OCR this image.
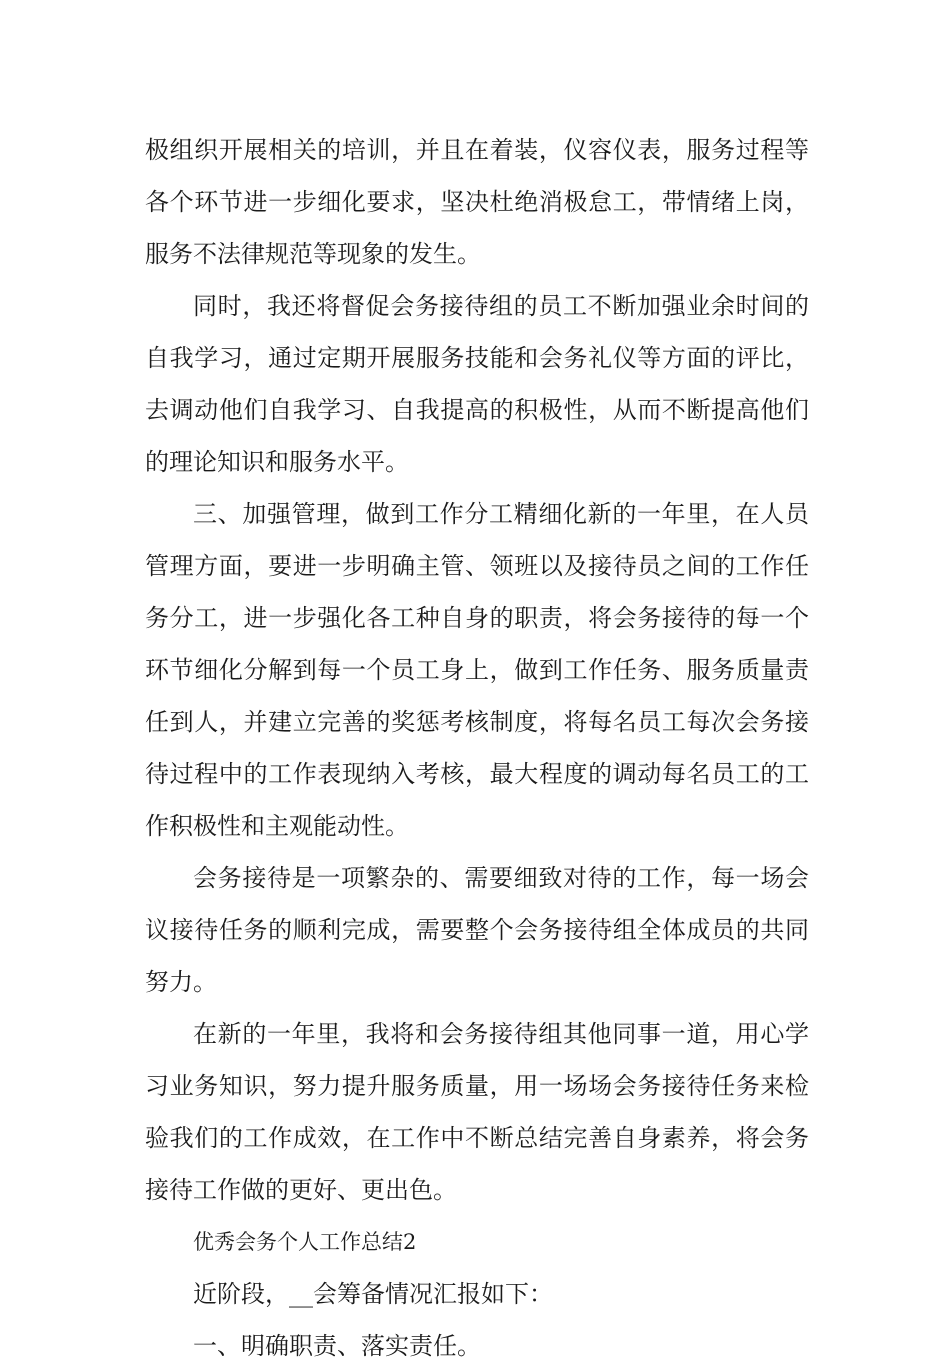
极组织开展相关的培训，并且在着装，仪容仪表，服务过程等各个环节进一步细化要求，坚决杜绝消极怠工，带情绪上岗，服务不法律规范等现象的发生。

同时，我还将督促会务接待组的员工不断加强业余时间的自我学习，通过定期开展服务技能和会务礼仪等方面的评比，去调动他们自我学习、自我提高的积极性，从而不断提高他们的理论知识和服务水平。

三、加强管理，做到工作分工精细化新的一年里，在人员管理方面，要进一步明确主管、领班以及接待员之间的工作任务分工，进一步强化各工种自身的职责，将会务接待的每一个环节细化分解到每一个员工身上，做到工作任务、服务质量责任到人，并建立完善的奖惩考核制度，将每名员工每次会务接待过程中的工作表现纳入考核，最大程度的调动每名员工的工作积极性和主观能动性。

会务接待是一项繁杂的、需要细致对待的工作，每一场会议接待任务的顺利完成，需要整个会务接待组全体成员的共同努力。

在新的一年里，我将和会务接待组其他同事一道，用心学习业务知识，努力提升服务质量，用一场场会务接待任务来检验我们的工作成效，在工作中不断总结完善自身素养，将会务接待工作做的更好、更出色。

优秀会务个人工作总结2

近阶段，__会筹备情况汇报如下：

一、明确职责、落实责任。
